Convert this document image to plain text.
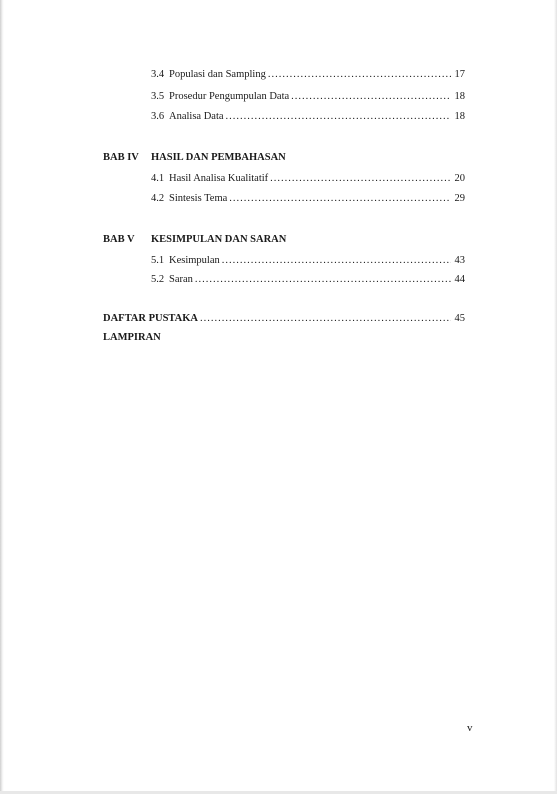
3.4 Populasi dan Sampling .....	17
3.5 Prosedur Pengumpulan Data .....	18
3.6 Analisa Data .....	18
BAB IV	HASIL DAN PEMBAHASAN
4.1 Hasil Analisa Kualitatif .....	20
4.2 Sintesis Tema .....	29
BAB V	KESIMPULAN DAN SARAN
5.1 Kesimpulan .....	43
5.2 Saran .....	44
DAFTAR PUSTAKA .....	45
LAMPIRAN
v
